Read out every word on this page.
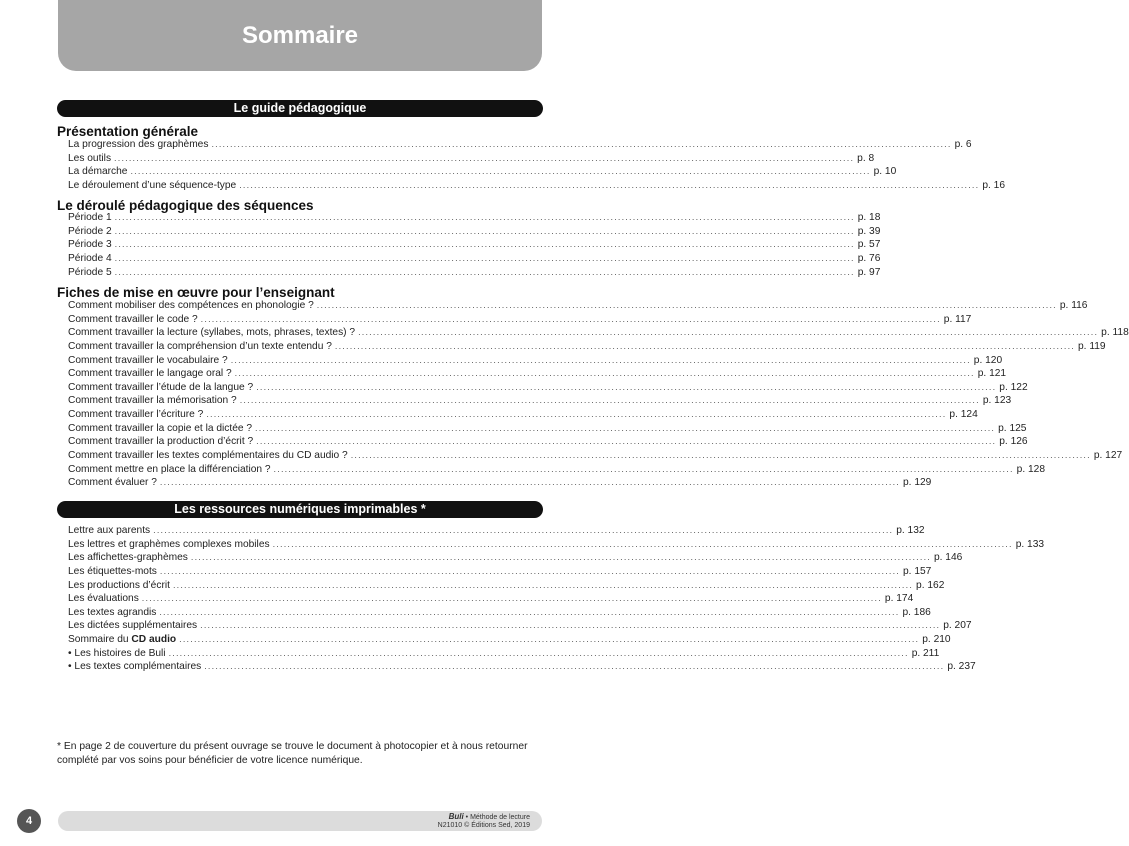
Sommaire
Le guide pédagogique
Présentation générale
La progression des graphèmes ........................................................................................................................................................................................................ p. 6
Les outils ........................................................................................................................................................................................................ p. 8
La démarche ........................................................................................................................................................................................................ p. 10
Le déroulement d’une séquence-type ........................................................................................................................................................................................................ p. 16
Le déroulé pédagogique des séquences
Période 1 ........................................................................................................................................................................................................ p. 18
Période 2 ........................................................................................................................................................................................................ p. 39
Période 3 ........................................................................................................................................................................................................ p. 57
Période 4 ........................................................................................................................................................................................................ p. 76
Période 5 ........................................................................................................................................................................................................ p. 97
Fiches de mise en œuvre pour l’enseignant
Comment mobiliser des compétences en phonologie ? ........................................................................................................................................................................................................ p. 116
Comment travailler le code ? ........................................................................................................................................................................................................ p. 117
Comment travailler la lecture (syllabes, mots, phrases, textes) ? ........................................................................................................................................................................................................ p. 118
Comment travailler la compréhension d’un texte entendu ? ........................................................................................................................................................................................................ p. 119
Comment travailler le vocabulaire ? ........................................................................................................................................................................................................ p. 120
Comment travailler le langage oral ? ........................................................................................................................................................................................................ p. 121
Comment travailler l’étude de la langue ? ........................................................................................................................................................................................................ p. 122
Comment travailler la mémorisation ? ........................................................................................................................................................................................................ p. 123
Comment travailler l’écriture ? ........................................................................................................................................................................................................ p. 124
Comment travailler la copie et la dictée ? ........................................................................................................................................................................................................ p. 125
Comment travailler la production d’écrit ? ........................................................................................................................................................................................................ p. 126
Comment travailler les textes complémentaires du CD audio ? ........................................................................................................................................................................................................ p. 127
Comment mettre en place la différenciation ? ........................................................................................................................................................................................................ p. 128
Comment évaluer ? ........................................................................................................................................................................................................ p. 129
Les ressources numériques imprimables *
Lettre aux parents ........................................................................................................................................................................................................ p. 132
Les lettres et graphèmes complexes mobiles ........................................................................................................................................................................................................ p. 133
Les affichettes-graphèmes ........................................................................................................................................................................................................ p. 146
Les étiquettes-mots ........................................................................................................................................................................................................ p. 157
Les productions d’écrit ........................................................................................................................................................................................................ p. 162
Les évaluations ........................................................................................................................................................................................................ p. 174
Les textes agrandis ........................................................................................................................................................................................................ p. 186
Les dictées supplémentaires ........................................................................................................................................................................................................ p. 207
Sommaire du CD audio ........................................................................................................................................................................................................ p. 210
• Les histoires de Buli ........................................................................................................................................................................................................ p. 211
• Les textes complémentaires ........................................................................................................................................................................................................ p. 237
* En page 2 de couverture du présent ouvrage se trouve le document à photocopier et à nous retourner complété par vos soins pour bénéficier de votre licence numérique.
4	Buli • Méthode de lecture
N21010 © Éditions Sed, 2019
